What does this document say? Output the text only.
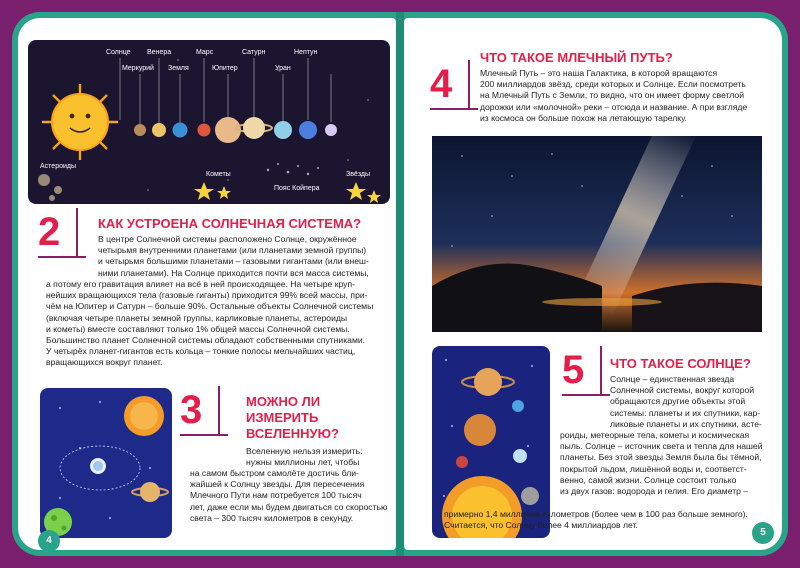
Солнце Венера	Марс	Сатурн	Нептун
Меркурий Земля	Юпитер	Уран
Астероиды
Кометы
Пояс Койпера
Звёзды
2	КАК УСТРОЕНА СОЛНЕЧНАЯ СИСТЕМА?
В центре Солнечной системы расположено Солнце, окружённое
четырьмя внутренними планетами (или планетами земной группы)
и четырьмя большими планетами – газовыми гигантами (или внеш-
ними планетами). На Солнце приходится почти вся масса системы,
а потому его гравитация влияет на всё в ней происходящее. На четыре круп-
нейших вращающихся тела (газовые гиганты) приходится 99% всей массы, при-
чём на Юпитер и Сатурн – больше 90%. Остальные объекты Солнечной системы
(включая четыре планеты земной группы, карликовые планеты, астероиды
и кометы) вместе составляют только 1% общей массы Солнечной системы.
Большинство планет Солнечной системы обладают собственными спутниками.
У четырёх планет-гигантов есть кольца – тонкие полосы мельчайших частиц,
вращающихся вокруг планет.
3	МОЖНО ЛИ
ИЗМЕРИТЬ
ВСЕЛЕННУЮ?
Вселенную нельзя измерить:
нужны миллионы лет, чтобы
на самом быстром самолёте достичь бли-
жайшей к Солнцу звезды. Для пересечения
Млечного Пути нам потребуется 100 тысяч
лет, даже если мы будем двигаться со скоростью
света – 300 тысяч километров в секунду.
4
4
ЧТО ТАКОЕ МЛЕЧНЫЙ ПУТЬ?
Млечный Путь – это наша Галактика, в которой вращаются
200 миллиардов звёзд, среди которых и Солнце. Если посмотреть
на Млечный Путь с Земли, то видно, что он имеет форму светлой
дорожки или «молочной» реки – отсюда и название. А при взгляде
из космоса он больше похож на летающую тарелку.
5	ЧТО ТАКОЕ СОЛНЦЕ?
Солнце – единственная звезда
Солнечной системы, вокруг которой
обращаются другие объекты этой
системы: планеты и их спутники, кар-
ликовые планеты и их спутники, асте-
роиды, метеорные тела, кометы и космическая
пыль. Солнце – источник света и тепла для нашей
планеты. Без этой звезды Земля была бы тёмной,
покрытой льдом, лишённой воды и, соответст-
венно, самой жизни. Солнце состоит только
из двух газов: водорода и гелия. Его диаметр –
примерно 1,4 миллиона километров (более чем в 100 раз больше земного).
Считается, что Солнцу более 4 миллиардов лет.
5
